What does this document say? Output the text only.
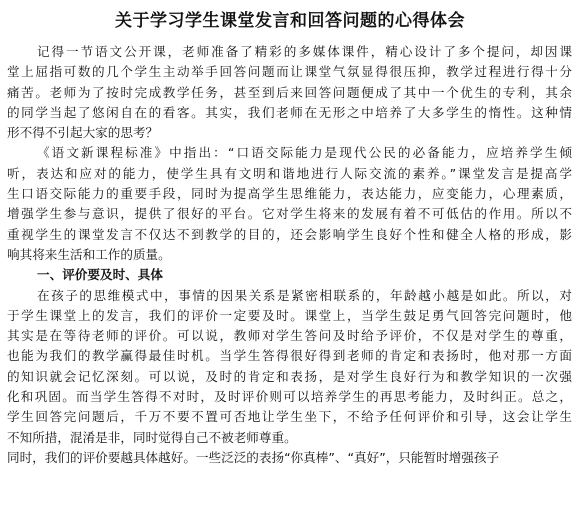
关于学习学生课堂发言和回答问题的心得体会
记得一节语文公开课，老师准备了精彩的多媒体课件，精心设计了多个提问，却因课
堂上屈指可数的几个学生主动举手回答问题而让课堂气氛显得很压抑，教学过程进行得十分
痛苦。老师为了按时完成教学任务，甚至到后来回答问题便成了其中一个优生的专利，其余
的同学当起了悠闲自在的看客。其实，我们老师在无形之中培养了大多学生的惰性。这种情
形不得不引起大家的思考？
《语文新课程标准》中指出：“口语交际能力是现代公民的必备能力，应培养学生倾
听，表达和应对的能力，使学生具有文明和谐地进行人际交流的素养。”课堂发言是提高学
生口语交际能力的重要手段，同时为提高学生思维能力，表达能力，应变能力，心理素质，
增强学生参与意识，提供了很好的平台。它对学生将来的发展有着不可低估的作用。所以不
重视学生的课堂发言不仅达不到教学的目的，还会影响学生良好个性和健全人格的形成，影
响其将来生活和工作的质量。
一、评价要及时、具体
在孩子的思维模式中，事情的因果关系是紧密相联系的，年龄越小越是如此。所以，对
于学生课堂上的发言，我们的评价一定要及时。课堂上，当学生鼓足勇气回答完问题时，他
其实是在等待老师的评价。可以说，教师对学生答问及时给予评价，不仅是对学生的尊重，
也能为我们的教学赢得最佳时机。当学生答得很好得到老师的肯定和表扬时，他对那一方面
的知识就会记忆深刻。可以说，及时的肯定和表扬，是对学生良好行为和教学知识的一次强
化和巩固。而当学生答得不对时，及时评价则可以培养学生的再思考能力，及时纠正。总之，
学生回答完问题后，千万不要不置可否地让学生坐下，不给予任何评价和引导，这会让学生
不知所措，混淆是非，同时觉得自己不被老师尊重。
同时，我们的评价要越具体越好。一些泛泛的表扬“你真棒”、“真好”，只能暂时增强孩子
